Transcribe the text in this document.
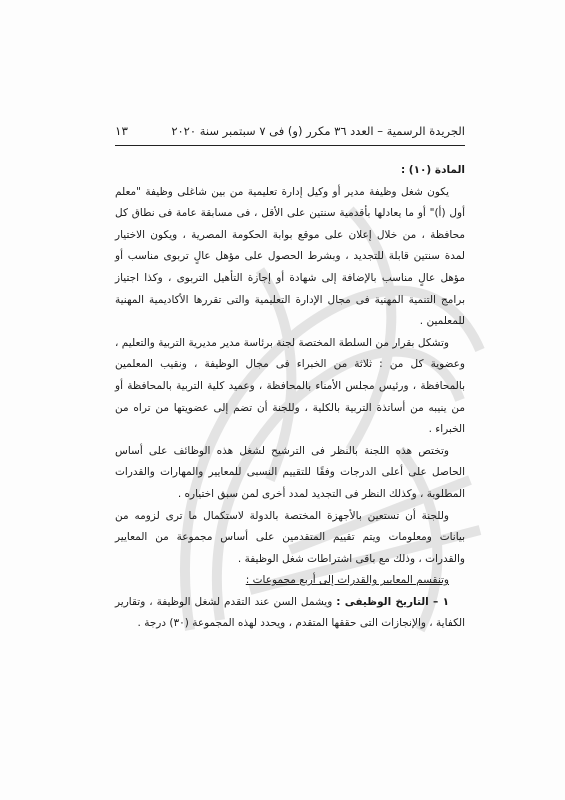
الجريدة الرسمية – العدد ٣٦ مكرر (و) فى ٧ سبتمبر سنة ٢٠٢٠
١٣

المادة (١٠) :

يكون شغل وظيفة مدير أو وكيل إدارة تعليمية من بين شاغلى وظيفة "معلم أول (أ)" أو ما يعادلها بأقدمية سنتين على الأقل ، فى مسابقة عامة فى نطاق كل محافظة ، من خلال إعلان على موقع بوابة الحكومة المصرية ، ويكون الاختيار لمدة سنتين قابلة للتجديد ، وبشرط الحصول على مؤهل عالٍ تربوى مناسب أو مؤهل عالٍ مناسب بالإضافة إلى شهادة أو إجازة التأهيل التربوى ، وكذا اجتياز برامج التنمية المهنية فى مجال الإدارة التعليمية والتى تقررها الأكاديمية المهنية للمعلمين .

وتشكل بقرار من السلطة المختصة لجنة برئاسة مدير مديرية التربية والتعليم ، وعضوية كل من : ثلاثة من الخبراء فى مجال الوظيفة ، ونقيب المعلمين بالمحافظة ، ورئيس مجلس الأمناء بالمحافظة ، وعميد كلية التربية بالمحافظة أو من ينيبه من أساتذة التربية بالكلية ، وللجنة أن تضم إلى عضويتها من تراه من الخبراء .

وتختص هذه اللجنة بالنظر فى الترشيح لشغل هذه الوظائف على أساس الحاصل على أعلى الدرجات وفقًا للتقييم النسبى للمعايير والمهارات والقدرات المطلوبة ، وكذلك النظر فى التجديد لمدد أخرى لمن سبق اختياره .

وللجنة أن تستعين بالأجهزة المختصة بالدولة لاستكمال ما ترى لزومه من بيانات ومعلومات ويتم تقييم المتقدمين على أساس مجموعة من المعايير والقدرات ، وذلك مع باقى اشتراطات شغل الوظيفة .

وتنقسم المعايير والقدرات إلى أربع مجموعات :

١ – التاريخ الوظيفى : ويشمل السن عند التقدم لشغل الوظيفة ، وتقارير الكفاية ، والإنجازات التى حققها المتقدم ، ويحدد لهذه المجموعة (٣٠) درجة .
